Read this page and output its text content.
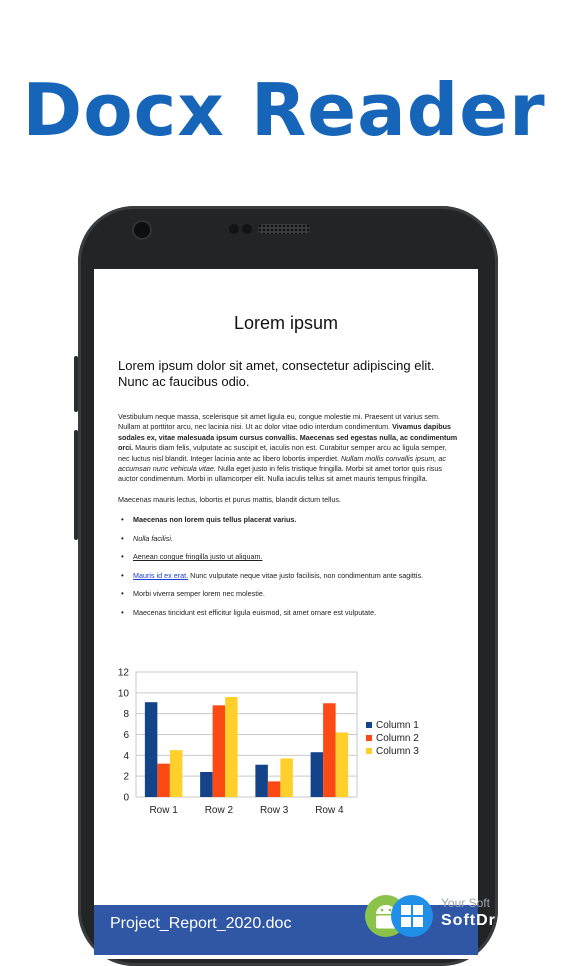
Docx Reader
Lorem ipsum
Lorem ipsum dolor sit amet, consectetur adipiscing elit. Nunc ac faucibus odio.
Vestibulum neque massa, scelerisque sit amet ligula eu, congue molestie mi. Praesent ut varius sem. Nullam at porttitor arcu, nec lacinia nisi. Ut ac dolor vitae odio interdum condimentum. Vivamus dapibus sodales ex, vitae malesuada ipsum cursus convallis. Maecenas sed egestas nulla, ac condimentum orci. Mauris diam felis, vulputate ac suscipit et, iaculis non est. Curabitur semper arcu ac ligula semper, nec luctus nisl blandit. Integer lacinia ante ac libero lobortis imperdiet. Nullam mollis convallis ipsum, ac accumsan nunc vehicula vitae. Nulla eget justo in felis tristique fringilla. Morbi sit amet tortor quis risus auctor condimentum. Morbi in ullamcorper elit. Nulla iaculis tellus sit amet mauris tempus fringilla.
Maecenas mauris lectus, lobortis et purus mattis, blandit dictum tellus.
• Maecenas non lorem quis tellus placerat varius.
• Nulla facilisi.
• Aenean congue fringilla justo ut aliquam.
• Mauris id ex erat. Nunc vulputate neque vitae justo facilisis, non condimentum ante sagittis.
• Morbi viverra semper lorem nec molestie.
• Maecenas tincidunt est efficitur ligula euismod, sit amet ornare est vulputate.
0
2
4
6
8
10
12
Row 1	Row 2	Row 3	Row 4
Column 1
Column 2
Column 3
Project_Report_2020.doc
Your Soft
SoftDr
